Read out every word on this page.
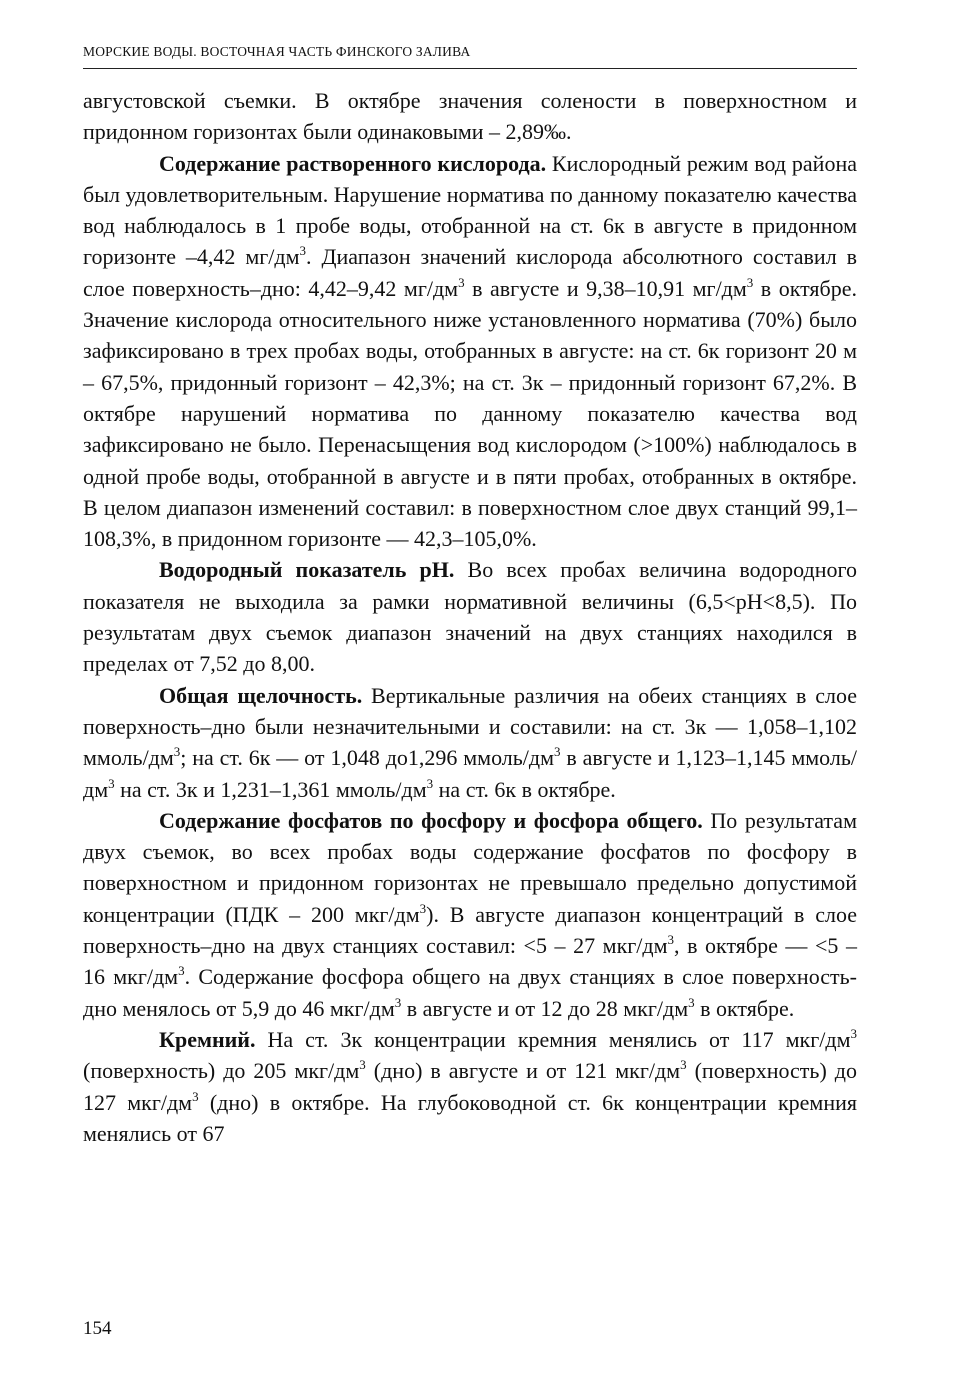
МОРСКИЕ ВОДЫ. ВОСТОЧНАЯ ЧАСТЬ ФИНСКОГО ЗАЛИВА

августовской съемки. В октябре значения солености в поверхностном и придонном горизонтах были одинаковыми – 2,89‰.

Содержание растворенного кислорода. Кислородный режим вод района был удовлетворительным. Нарушение норматива по данному показателю качества вод наблюдалось в 1 пробе воды, отобранной на ст. 6к в августе в придонном горизонте –4,42 $мг/дм^3$. Диапазон значений кислорода абсолютного составил в слое поверхность–дно: 4,42–9,42 $мг/дм^3$ в августе и 9,38–10,91 $мг/дм^3$ в октябре. Значение кислорода относительного ниже установленного норматива (70%) было зафиксировано в трех пробах воды, отобранных в августе: на ст. 6к горизонт 20 м – 67,5%, придонный горизонт – 42,3%; на ст. 3к – придонный горизонт 67,2%. В октябре нарушений норматива по данному показателю качества вод зафиксировано не было. Перенасыщения вод кислородом (>100%) наблюдалось в одной пробе воды, отобранной в августе и в пяти пробах, отобранных в октябре. В целом диапазон изменений составил: в поверхностном слое двух станций 99,1–108,3%, в придонном горизонте — 42,3–105,0%.

Водородный показатель рН. Во всех пробах величина водородного показателя не выходила за рамки нормативной величины (6,5<pH<8,5). По результатам двух съемок диапазон значений на двух станциях находился в пределах от 7,52 до 8,00.

Общая щелочность. Вертикальные различия на обеих станциях в слое поверхность–дно были незначительными и составили: на ст. 3к — 1,058–1,102 ммоль/$дм^3$; на ст. 6к — от 1,048 до1,296 ммоль/$дм^3$ в августе и 1,123–1,145 ммоль/$дм^3$ на ст. 3к и 1,231–1,361 ммоль/$дм^3$ на ст. 6к в октябре.

Содержание фосфатов по фосфору и фосфора общего. По результатам двух съемок, во всех пробах воды содержание фосфатов по фосфору в поверхностном и придонном горизонтах не превышало предельно допустимой концентрации (ПДК – 200 мкг/$дм^3$). В августе диапазон концентраций в слое поверхность–дно на двух станциях составил: <5 – 27 мкг/$дм^3$, в октябре — <5 – 16 мкг/$дм^3$. Содержание фосфора общего на двух станциях в слое поверхность-дно менялось от 5,9 до 46 мкг/$дм^3$ в августе и от 12 до 28 мкг/$дм^3$ в октябре.

Кремний. На ст. 3к концентрации кремния менялись от 117 мкг/$дм^3$ (поверхность) до 205 мкг/$дм^3$ (дно) в августе и от 121 мкг/$дм^3$ (поверхность) до 127 мкг/$дм^3$ (дно) в октябре. На глубоководной ст. 6к концентрации кремния менялись от 67

154
